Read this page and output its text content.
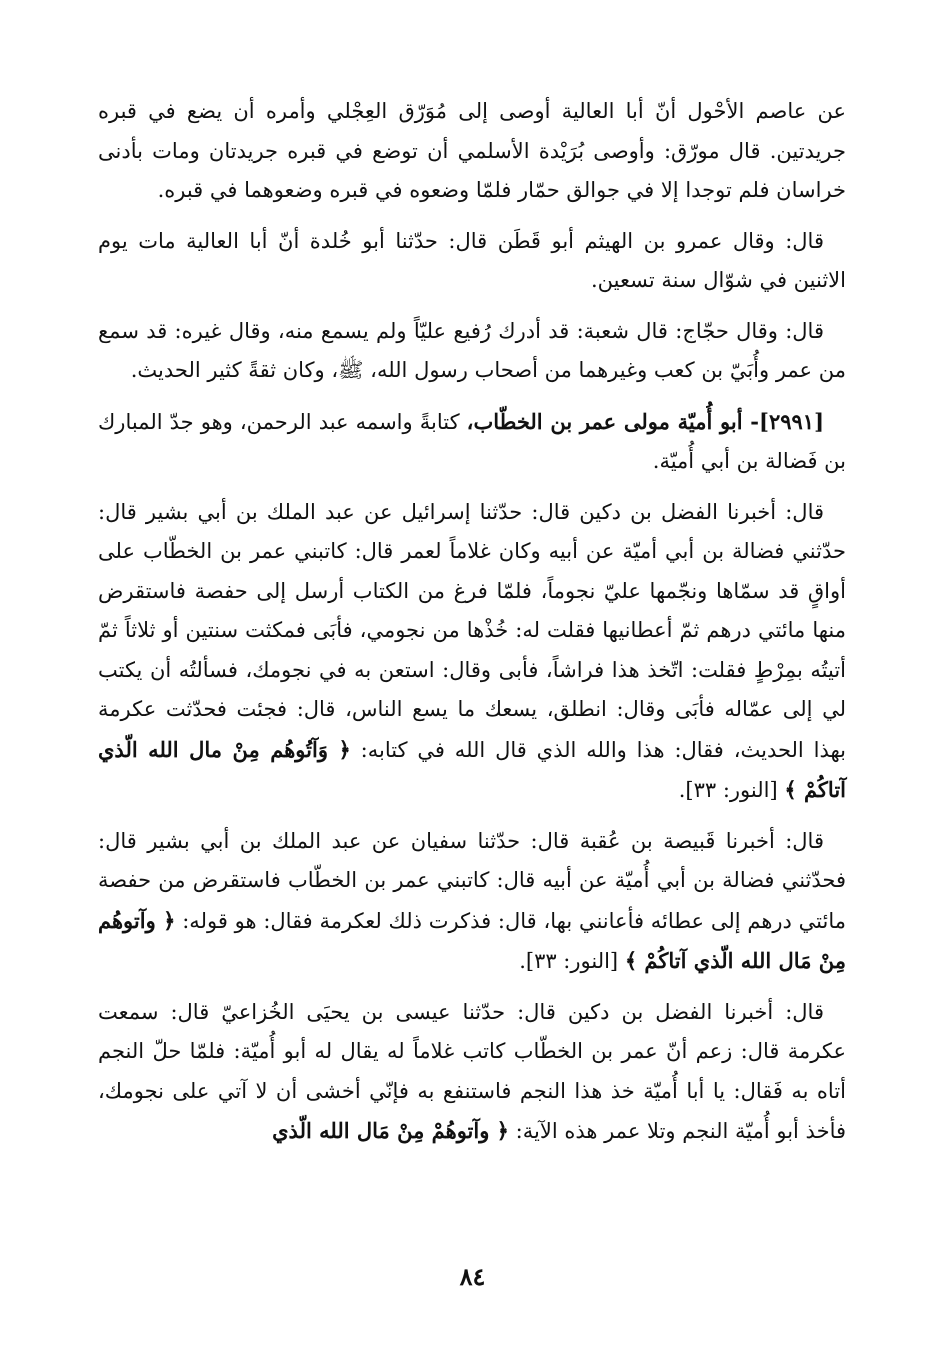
عن عاصم الأحْول أنّ أبا العالية أوصى إلى مُوَرّق العِجْلي وأمره أن يضع في قبره جريدتين. قال مورّق: وأوصى بُرَيْدة الأسلمي أن توضع في قبره جريدتان ومات بأدنى خراسان فلم توجدا إلا في جوالق حمّار فلمّا وضعوه في قبره وضعوهما في قبره.

قال: وقال عمرو بن الهيثم أبو قَطَن قال: حدّثنا أبو خُلدة أنّ أبا العالية مات يوم الاثنين في شوّال سنة تسعين.

قال: وقال حجّاج: قال شعبة: قد أدرك رُفيع عليّاً ولم يسمع منه، وقال غيره: قد سمع من عمر وأُبَيّ بن كعب وغيرهما من أصحاب رسول الله، ﷺ، وكان ثقةً كثير الحديث.

[٢٩٩١]- أبو أُميّة مولى عمر بن الخطّاب، كتابةً واسمه عبد الرحمن، وهو جدّ المبارك بن فَضالة بن أبي أُميّة.

قال: أخبرنا الفضل بن دكين قال: حدّثنا إسرائيل عن عبد الملك بن أبي بشير قال: حدّثني فضالة بن أبي أميّة عن أبيه وكان غلاماً لعمر قال: كاتبني عمر بن الخطّاب على أواقٍ قد سمّاها ونجّمها عليّ نجوماً، فلمّا فرغ من الكتاب أرسل إلى حفصة فاستقرض منها مائتي درهم ثمّ أعطانيها فقلت له: خُذْها من نجومي، فأبَى فمكثت سنتين أو ثلاثاً ثمّ أتيتُه بمِرْطٍ فقلت: اتّخذ هذا فراشاً، فأبى وقال: استعن به في نجومك، فسألتُه أن يكتب لي إلى عمّاله فأبَى وقال: انطلق، يسعك ما يسع الناس، قال: فجئت فحدّثت عكرمة بهذا الحديث، فقال: هذا والله الذي قال الله في كتابه: ﴿ وَآتُوهُم مِنْ مال الله الّذي آتاكُمْ ﴾ [النور: ٣٣].

قال: أخبرنا قَبيصة بن عُقبة قال: حدّثنا سفيان عن عبد الملك بن أبي بشير قال: فحدّثني فضالة بن أبي أُميّة عن أبيه قال: كاتبني عمر بن الخطّاب فاستقرض من حفصة مائتي درهم إلى عطائه فأعانني بها، قال: فذكرت ذلك لعكرمة فقال: هو قوله: ﴿ وآتوهُم مِنْ مَال الله الّذي آتاكُمْ ﴾ [النور: ٣٣].

قال: أخبرنا الفضل بن دكين قال: حدّثنا عيسى بن يحيَى الخُزاعيّ قال: سمعت عكرمة قال: زعم أنّ عمر بن الخطّاب كاتب غلاماً له يقال له أبو أُميّة: فلمّا حلّ النجم أتاه به فَقال: يا أبا أُميّة خذ هذا النجم فاستنفع به فإنّي أخشى أن لا آتي على نجومك، فأخذ أبو أُميّة النجم وتلا عمر هذه الآية: ﴿ وآتوهُمْ مِنْ مَال الله الّذي

٨٤
